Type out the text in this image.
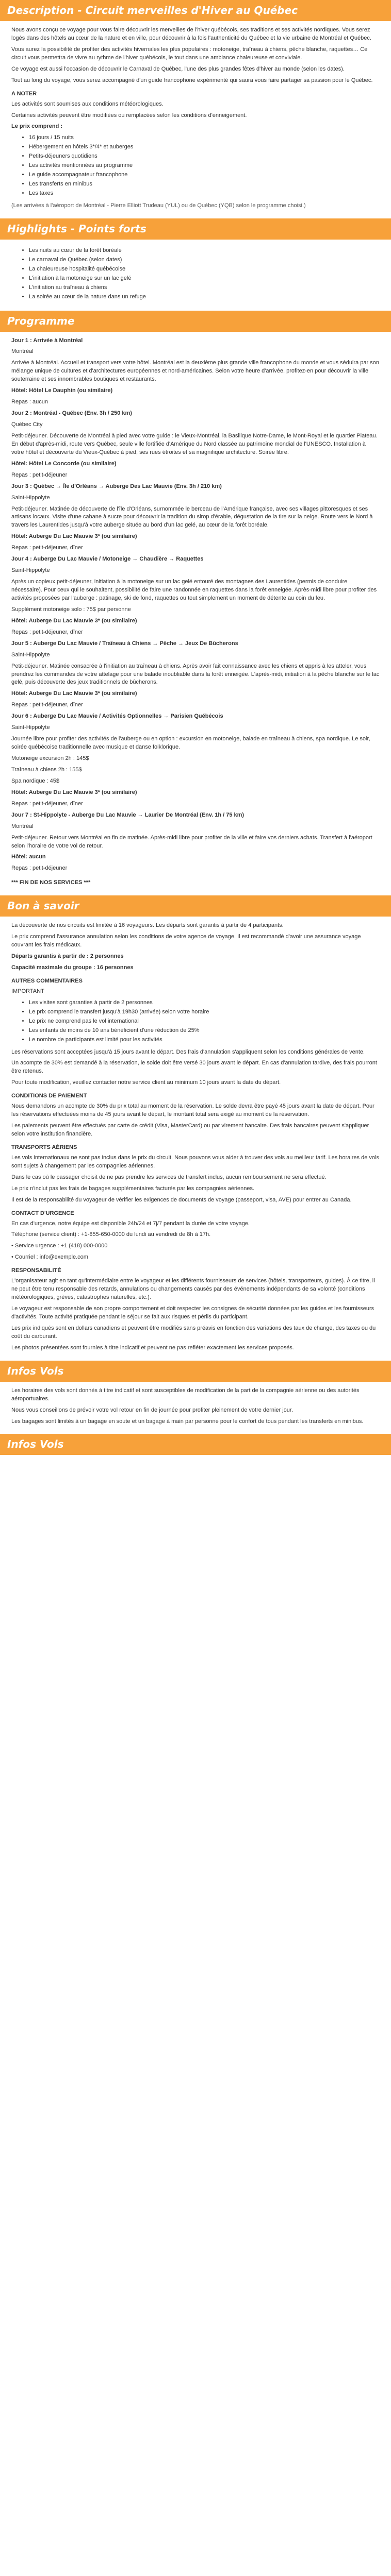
Description - Circuit merveilles d'Hiver au Québec

Nous avons conçu ce voyage pour vous faire découvrir les merveilles de l'hiver québécois, ses traditions et ses activités nordiques. Vous serez logés dans des hôtels au cœur de la nature et en ville, pour découvrir à la fois l'authenticité du Québec et la vie urbaine de Montréal et Québec.

Vous aurez la possibilité de profiter des activités hivernales les plus populaires : motoneige, traîneau à chiens, pêche blanche, raquettes… Ce circuit vous permettra de vivre au rythme de l'hiver québécois, le tout dans une ambiance chaleureuse et conviviale.

Ce voyage est aussi l'occasion de découvrir le Carnaval de Québec, l'une des plus grandes fêtes d'hiver au monde (selon les dates).

Tout au long du voyage, vous serez accompagné d'un guide francophone expérimenté qui saura vous faire partager sa passion pour le Québec.

A NOTER

Les activités sont soumises aux conditions météorologiques.

Certaines activités peuvent être modifiées ou remplacées selon les conditions d'enneigement.

Le prix comprend :

• 16 jours / 15 nuits
• Hébergement en hôtels 3*/4* et auberges
• Petits-déjeuners quotidiens
• Les activités mentionnées au programme
• Le guide accompagnateur francophone
• Les transferts en minibus
• Les taxes

(Les arrivées à l'aéroport de Montréal - Pierre Elliott Trudeau (YUL) ou de Québec (YQB) selon le programme choisi.)

Highlights - Points forts
• Les nuits au cœur de la forêt boréale
• Le carnaval de Québec (selon dates)
• La chaleureuse hospitalité québécoise
• L'initiation à la motoneige sur un lac gelé
• L'initiation au traîneau à chiens
• La soirée au cœur de la nature dans un refuge
Programme

Jour 1 : Arrivée à Montréal

Montréal

Arrivée à Montréal. Accueil et transport vers votre hôtel. Montréal est la deuxième plus grande ville francophone du monde et vous séduira par son mélange unique de cultures et d'architectures européennes et nord-américaines. Selon votre heure d'arrivée, profitez-en pour découvrir la ville souterraine et ses innombrables boutiques et restaurants.

Hôtel: Hôtel Le Dauphin (ou similaire)

Repas : aucun

Jour 2 : Montréal - Québec (Env. 3h / 250 km)

Québec City

Petit-déjeuner. Découverte de Montréal à pied avec votre guide : le Vieux-Montréal, la Basilique Notre-Dame, le Mont-Royal et le quartier Plateau. En début d'après-midi, route vers Québec, seule ville fortifiée d'Amérique du Nord classée au patrimoine mondial de l'UNESCO. Installation à votre hôtel et découverte du Vieux-Québec à pied, ses rues étroites et sa magnifique architecture. Soirée libre.

Hôtel: Hôtel Le Concorde (ou similaire)

Repas : petit-déjeuner

Jour 3 : Québec → Île d'Orléans → Auberge Des Lac Mauvie (Env. 3h / 210 km)

Saint-Hippolyte

Petit-déjeuner. Matinée de découverte de l'île d'Orléans, surnommée le berceau de l'Amérique française, avec ses villages pittoresques et ses artisans locaux. Visite d'une cabane à sucre pour découvrir la tradition du sirop d'érable, dégustation de la tire sur la neige. Route vers le Nord à travers les Laurentides jusqu'à votre auberge située au bord d'un lac gelé, au cœur de la forêt boréale.

Hôtel: Auberge Du Lac Mauvie 3* (ou similaire)

Repas : petit-déjeuner, dîner

Jour 4 : Auberge Du Lac Mauvie / Motoneige → Chaudière → Raquettes

Saint-Hippolyte

Après un copieux petit-déjeuner, initiation à la motoneige sur un lac gelé entouré des montagnes des Laurentides (permis de conduire nécessaire). Pour ceux qui le souhaitent, possibilité de faire une randonnée en raquettes dans la forêt enneigée. Après-midi libre pour profiter des activités proposées par l'auberge : patinage, ski de fond, raquettes ou tout simplement un moment de détente au coin du feu.

Supplément motoneige solo : 75$ par personne

Hôtel: Auberge Du Lac Mauvie 3* (ou similaire)

Repas : petit-déjeuner, dîner

Jour 5 : Auberge Du Lac Mauvie / Traîneau à Chiens → Pêche → Jeux De Bûcherons

Saint-Hippolyte

Petit-déjeuner. Matinée consacrée à l'initiation au traîneau à chiens. Après avoir fait connaissance avec les chiens et appris à les atteler, vous prendrez les commandes de votre attelage pour une balade inoubliable dans la forêt enneigée. L'après-midi, initiation à la pêche blanche sur le lac gelé, puis découverte des jeux traditionnels de bûcherons.

Hôtel: Auberge Du Lac Mauvie 3* (ou similaire)

Repas : petit-déjeuner, dîner

Jour 6 : Auberge Du Lac Mauvie / Activités Optionnelles → Parisien Québécois

Saint-Hippolyte

Journée libre pour profiter des activités de l'auberge ou en option : excursion en motoneige, balade en traîneau à chiens, spa nordique. Le soir, soirée québécoise traditionnelle avec musique et danse folklorique.

Motoneige excursion 2h : 145$

Traîneau à chiens 2h : 155$

Spa nordique : 45$

Hôtel: Auberge Du Lac Mauvie 3* (ou similaire)

Repas : petit-déjeuner, dîner

Jour 7 : St-Hippolyte - Auberge Du Lac Mauvie → Laurier De Montréal (Env. 1h / 75 km)

Montréal

Petit-déjeuner. Retour vers Montréal en fin de matinée. Après-midi libre pour profiter de la ville et faire vos derniers achats. Transfert à l'aéroport selon l'horaire de votre vol de retour.

Hôtel: aucun

Repas : petit-déjeuner

*** FIN DE NOS SERVICES ***

Bon à savoir

La découverte de nos circuits est limitée à 16 voyageurs. Les départs sont garantis à partir de 4 participants.

Le prix comprend l'assurance annulation selon les conditions de votre agence de voyage. Il est recommandé d'avoir une assurance voyage couvrant les frais médicaux.

Départs garantis à partir de : 2 personnes

Capacité maximale du groupe : 16 personnes

AUTRES COMMENTAIRES

IMPORTANT

• Les visites sont garanties à partir de 2 personnes
• Le prix comprend le transfert jusqu'à 19h30 (arrivée) selon votre horaire
• Le prix ne comprend pas le vol international
• Les enfants de moins de 10 ans bénéficient d'une réduction de 25%
• Le nombre de participants est limité pour les activités

Les réservations sont acceptées jusqu'à 15 jours avant le départ. Des frais d'annulation s'appliquent selon les conditions générales de vente.

Un acompte de 30% est demandé à la réservation, le solde doit être versé 30 jours avant le départ. En cas d'annulation tardive, des frais pourront être retenus.

Pour toute modification, veuillez contacter notre service client au minimum 10 jours avant la date du départ.

CONDITIONS DE PAIEMENT

Nous demandons un acompte de 30% du prix total au moment de la réservation. Le solde devra être payé 45 jours avant la date de départ. Pour les réservations effectuées moins de 45 jours avant le départ, le montant total sera exigé au moment de la réservation.

Les paiements peuvent être effectués par carte de crédit (Visa, MasterCard) ou par virement bancaire. Des frais bancaires peuvent s'appliquer selon votre institution financière.

TRANSPORTS AÉRIENS

Les vols internationaux ne sont pas inclus dans le prix du circuit. Nous pouvons vous aider à trouver des vols au meilleur tarif. Les horaires de vols sont sujets à changement par les compagnies aériennes.

Dans le cas où le passager choisit de ne pas prendre les services de transfert inclus, aucun remboursement ne sera effectué.

Le prix n'inclut pas les frais de bagages supplémentaires facturés par les compagnies aériennes.

Il est de la responsabilité du voyageur de vérifier les exigences de documents de voyage (passeport, visa, AVE) pour entrer au Canada.

CONTACT D'URGENCE

En cas d'urgence, notre équipe est disponible 24h/24 et 7j/7 pendant la durée de votre voyage.

Téléphone (service client) : +1-855-650-0000 du lundi au vendredi de 8h à 17h.

• Service urgence : +1 (418) 000-0000

• Courriel : info@exemple.com

RESPONSABILITÉ

L'organisateur agit en tant qu'intermédiaire entre le voyageur et les différents fournisseurs de services (hôtels, transporteurs, guides). À ce titre, il ne peut être tenu responsable des retards, annulations ou changements causés par des événements indépendants de sa volonté (conditions météorologiques, grèves, catastrophes naturelles, etc.).

Le voyageur est responsable de son propre comportement et doit respecter les consignes de sécurité données par les guides et les fournisseurs d'activités. Toute activité pratiquée pendant le séjour se fait aux risques et périls du participant.

Les prix indiqués sont en dollars canadiens et peuvent être modifiés sans préavis en fonction des variations des taux de change, des taxes ou du coût du carburant.

Les photos présentées sont fournies à titre indicatif et peuvent ne pas refléter exactement les services proposés.

Infos Vols

Les horaires des vols sont donnés à titre indicatif et sont susceptibles de modification de la part de la compagnie aérienne ou des autorités aéroportuaires.

Nous vous conseillons de prévoir votre vol retour en fin de journée pour profiter pleinement de votre dernier jour.

Les bagages sont limités à un bagage en soute et un bagage à main par personne pour le confort de tous pendant les transferts en minibus.

Infos Vols
